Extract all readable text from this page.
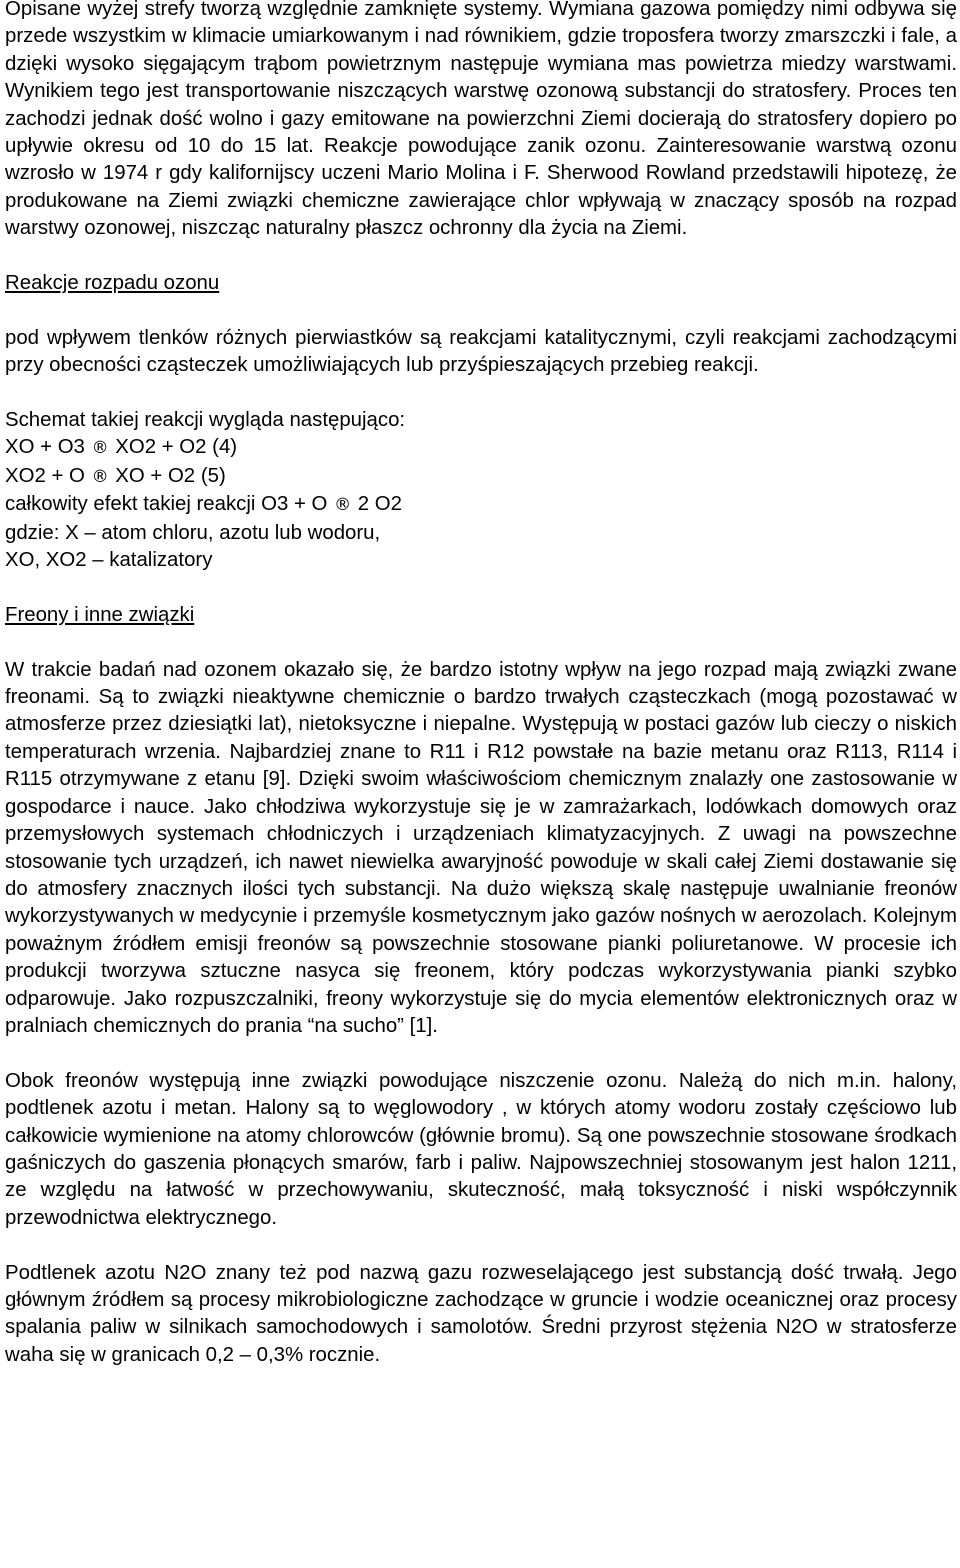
Opisane wyżej strefy tworzą względnie zamknięte systemy. Wymiana gazowa pomiędzy nimi odbywa się przede wszystkim w klimacie umiarkowanym i nad równikiem, gdzie troposfera tworzy zmarszczki i fale, a dzięki wysoko sięgającym trąbom powietrznym następuje wymiana mas powietrza miedzy warstwami. Wynikiem tego jest transportowanie niszczących warstwę ozonową substancji do stratosfery. Proces ten zachodzi jednak dość wolno i gazy emitowane na powierzchni Ziemi docierają do stratosfery dopiero po upływie okresu od 10 do 15 lat. Reakcje powodujące zanik ozonu. Zainteresowanie warstwą ozonu wzrosło w 1974 r gdy kalifornijscy uczeni Mario Molina i F. Sherwood Rowland przedstawili hipotezę, że produkowane na Ziemi związki chemiczne zawierające chlor wpływają w znaczący sposób na rozpad warstwy ozonowej, niszcząc naturalny płaszcz ochronny dla życia na Ziemi.

Reakcje rozpadu ozonu

pod wpływem tlenków różnych pierwiastków są reakcjami katalitycznymi, czyli reakcjami zachodzącymi przy obecności cząsteczek umożliwiających lub przyśpieszających przebieg reakcji.

Schemat takiej reakcji wygląda następująco:

XO + O3 ® XO2 + O2 (4)

XO2 + O ® XO + O2 (5)

całkowity efekt takiej reakcji O3 + O ® 2 O2

gdzie: X – atom chloru, azotu lub wodoru,

XO, XO2 – katalizatory

Freony i inne związki

W trakcie badań nad ozonem okazało się, że bardzo istotny wpływ na jego rozpad mają związki zwane freonami. Są to związki nieaktywne chemicznie o bardzo trwałych cząsteczkach (mogą pozostawać w atmosferze przez dziesiątki lat), nietoksyczne i niepalne. Występują w postaci gazów lub cieczy o niskich temperaturach wrzenia. Najbardziej znane to R11 i R12 powstałe na bazie metanu oraz R113, R114 i R115 otrzymywane z etanu [9]. Dzięki swoim właściwościom chemicznym znalazły one zastosowanie w gospodarce i nauce. Jako chłodziwa wykorzystuje się je w zamrażarkach, lodówkach domowych oraz przemysłowych systemach chłodniczych i urządzeniach klimatyzacyjnych. Z uwagi na powszechne stosowanie tych urządzeń, ich nawet niewielka awaryjność powoduje w skali całej Ziemi dostawanie się do atmosfery znacznych ilości tych substancji. Na dużo większą skalę następuje uwalnianie freonów wykorzystywanych w medycynie i przemyśle kosmetycznym jako gazów nośnych w aerozolach. Kolejnym poważnym źródłem emisji freonów są powszechnie stosowane pianki poliuretanowe. W procesie ich produkcji tworzywa sztuczne nasyca się freonem, który podczas wykorzystywania pianki szybko odparowuje. Jako rozpuszczalniki, freony wykorzystuje się do mycia elementów elektronicznych oraz w pralniach chemicznych do prania “na sucho” [1].

Obok freonów występują inne związki powodujące niszczenie ozonu. Należą do nich m.in. halony, podtlenek azotu i metan. Halony są to węglowodory , w których atomy wodoru zostały częściowo lub całkowicie wymienione na atomy chlorowców (głównie bromu). Są one powszechnie stosowane środkach gaśniczych do gaszenia płonących smarów, farb i paliw. Najpowszechniej stosowanym jest halon 1211, ze względu na łatwość w przechowywaniu, skuteczność, małą toksyczność i niski współczynnik przewodnictwa elektrycznego.

Podtlenek azotu N2O znany też pod nazwą gazu rozweselającego jest substancją dość trwałą. Jego głównym źródłem są procesy mikrobiologiczne zachodzące w gruncie i wodzie oceanicznej oraz procesy spalania paliw w silnikach samochodowych i samolotów. Średni przyrost stężenia N2O w stratosferze waha się w granicach 0,2 – 0,3% rocznie.
